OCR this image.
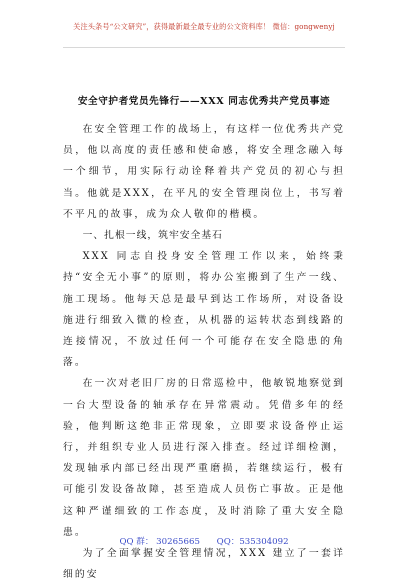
关注头条号“公文研究”，获得最新最全最专业的公文资料库！ 微信：gongwenyj
安全守护者党员先锋行——XXX 同志优秀共产党员事迹

在安全管理工作的战场上，有这样一位优秀共产党员，他以高度的责任感和使命感，将安全理念融入每一个细节，用实际行动诠释着共产党员的初心与担当。他就是XXX，在平凡的安全管理岗位上，书写着不平凡的故事，成为众人敬仰的楷模。

一、扎根一线，筑牢安全基石

XXX 同志自投身安全管理工作以来，始终秉持“安全无小事”的原则，将办公室搬到了生产一线、施工现场。他每天总是最早到达工作场所，对设备设施进行细致入微的检查，从机器的运转状态到线路的连接情况，不放过任何一个可能存在安全隐患的角落。

在一次对老旧厂房的日常巡检中，他敏锐地察觉到一台大型设备的轴承存在异常震动。凭借多年的经验，他判断这绝非正常现象，立即要求设备停止运行，并组织专业人员进行深入排查。经过详细检测，发现轴承内部已经出现严重磨损，若继续运行，极有可能引发设备故障，甚至造成人员伤亡事故。正是他这种严谨细致的工作态度，及时消除了重大安全隐患。

为了全面掌握安全管理情况，XXX 建立了一套详细的安

QQ 群： 30265665 QQ：535304092
